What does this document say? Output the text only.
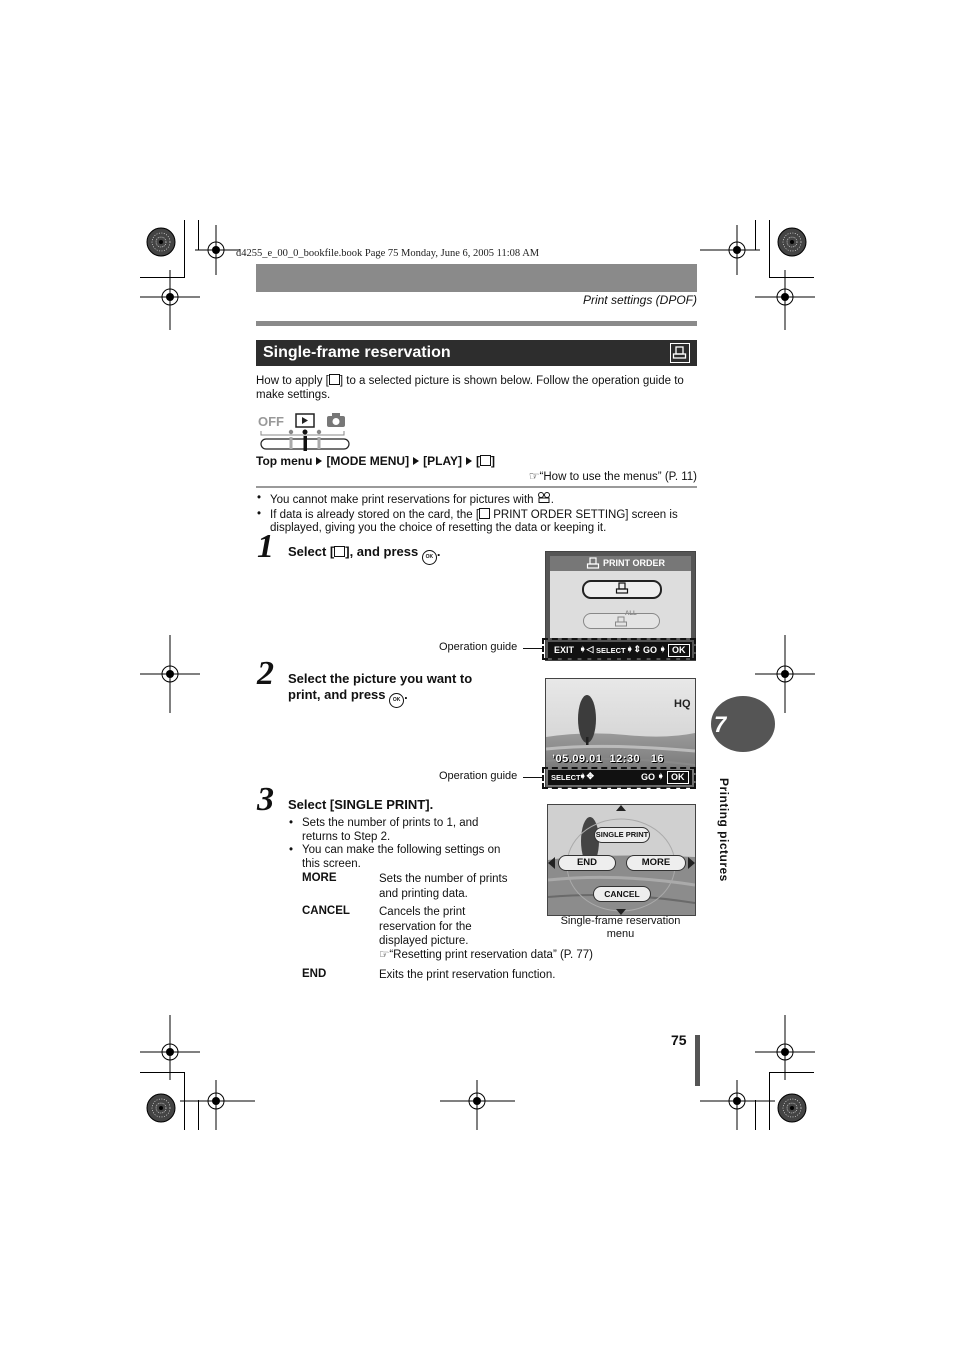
d4255_e_00_0_bookfile.book Page 75 Monday, June 6, 2005 11:08 AM
Print settings (DPOF)
Single-frame reservation
How to apply [ ] to a selected picture is shown below. Follow the operation guide to make settings.
OFF
Top menu [MODE MENU] [PLAY] [ ]
☞“How to use the menus” (P. 11)
• You cannot make print reservations for pictures with .
• If data is already stored on the card, the [ PRINT ORDER SETTING] screen is displayed, giving you the choice of resetting the data or keeping it.
1 Select [ ], and press OK .
PRINT ORDER
ALL
EXIT ➧◁ SELECT ➧⇕ GO ➧ OK
Operation guide
2 Select the picture you want to
print, and press OK .
HQ
’05.09.01  12:30   16
SELECT
➧✥	GO ➧ OK
Operation guide
3 Select [SINGLE PRINT].
• Sets the number of prints to 1, and returns to Step 2.
• You can make the following settings on this screen.
MORE	Sets the number of prints and printing data.
CANCEL	Cancels the print reservation for the displayed picture.
☞“Resetting print reservation data” (P. 77)
END	Exits the print reservation function.
SINGLE PRINT
END	MORE
CANCEL
Single-frame reservation menu
7
Printing pictures
75
